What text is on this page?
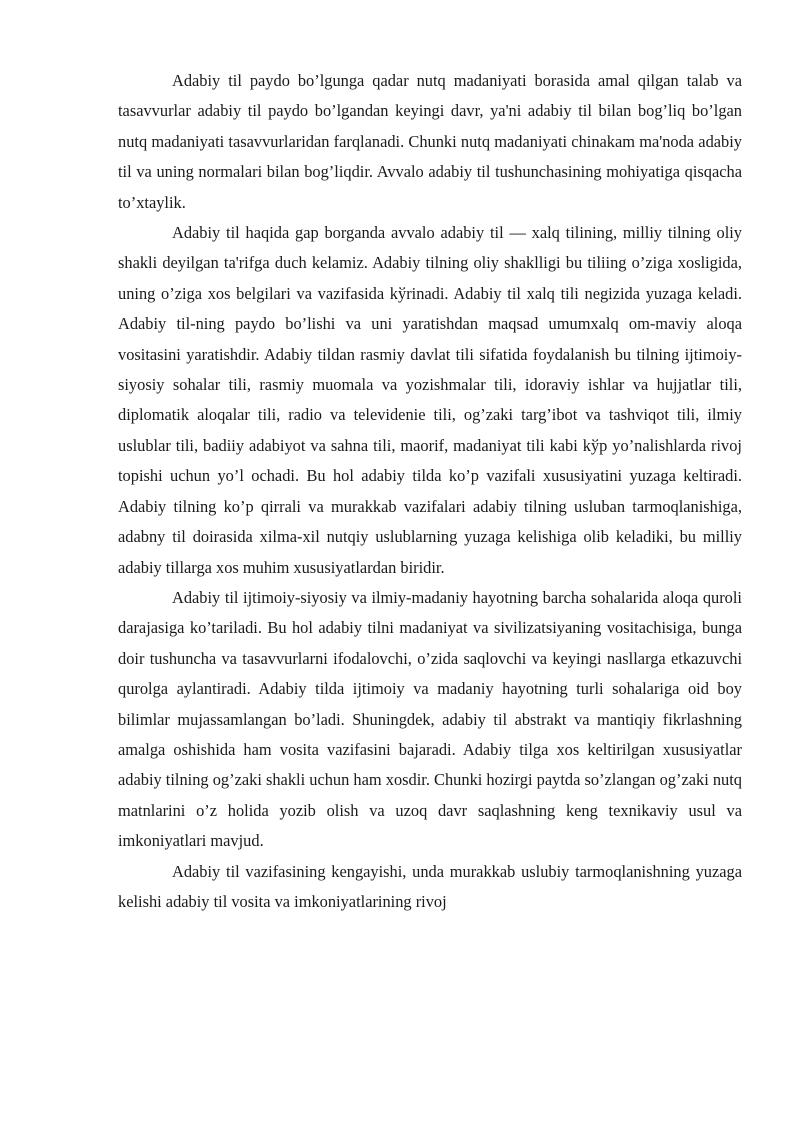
Adabiy til paydo bo’lgunga qadar nutq madaniyati borasida amal qilgan talab va tasavvurlar adabiy til paydo bo’lgandan keyingi davr, ya'ni adabiy til bilan bog’liq bo’lgan nutq madaniyati tasavvurlaridan farqlanadi. Chunki nutq madaniyati chinakam ma'noda adabiy til va uning normalari bilan bog’liqdir. Avvalo adabiy til tushunchasining mohiyatiga qisqacha to’xtaylik.

Adabiy til haqida gap borganda avvalo adabiy til — xalq tilining, milliy tilning oliy shakli deyilgan ta'rifga duch kelamiz. Adabiy tilning oliy shaklligi bu tiliing o’ziga xosligida, uning o’ziga xos belgilari va vazifasida kўrinadi. Adabiy til xalq tili negizida yuzaga keladi. Adabiy til-ning paydo bo’lishi va uni yaratishdan maqsad umumxalq om-maviy aloqa vositasini yaratishdir. Adabiy tildan rasmiy davlat tili sifatida foydalanish bu tilning ijtimoiy-siyosiy sohalar tili, rasmiy muomala va yozishmalar tili, idoraviy ishlar va hujjatlar tili, diplomatik aloqalar tili, radio va televidenie tili, og’zaki targ’ibot va tashviqot tili, ilmiy uslublar tili, badiiy adabiyot va sahna tili, maorif, madaniyat tili kabi kўp yo’nalishlarda rivoj topishi uchun yo’l ochadi. Bu hol adabiy tilda ko’p vazifali xususiyatini yuzaga keltiradi. Adabiy tilning ko’p qirrali va murakkab vazifalari adabiy tilning usluban tarmoqlanishiga, adabny til doirasida xilma-xil nutqiy uslublarning yuzaga kelishiga olib keladiki, bu milliy adabiy tillarga xos muhim xususiyatlardan biridir.

Adabiy til ijtimoiy-siyosiy va ilmiy-madaniy hayotning barcha sohalarida aloqa quroli darajasiga ko’tariladi. Bu hol adabiy tilni madaniyat va sivilizatsiyaning vositachisiga, bunga doir tushuncha va tasavvurlarni ifodalovchi, o’zida saqlovchi va keyingi nasllarga etkazuvchi qurolga aylantiradi. Adabiy tilda ijtimoiy va madaniy hayotning turli sohalariga oid boy bilimlar mujassamlangan bo’ladi. Shuningdek, adabiy til abstrakt va mantiqiy fikrlashning amalga oshishida ham vosita vazifasini bajaradi. Adabiy tilga xos keltirilgan xususiyatlar adabiy tilning og’zaki shakli uchun ham xosdir. Chunki hozirgi paytda so’zlangan og’zaki nutq matnlarini o’z holida yozib olish va uzoq davr saqlashning keng texnikaviy usul va imkoniyatlari mavjud.

Adabiy til vazifasining kengayishi, unda murakkab uslubiy tarmoqlanishning yuzaga kelishi adabiy til vosita va imkoniyatlarining rivoj
